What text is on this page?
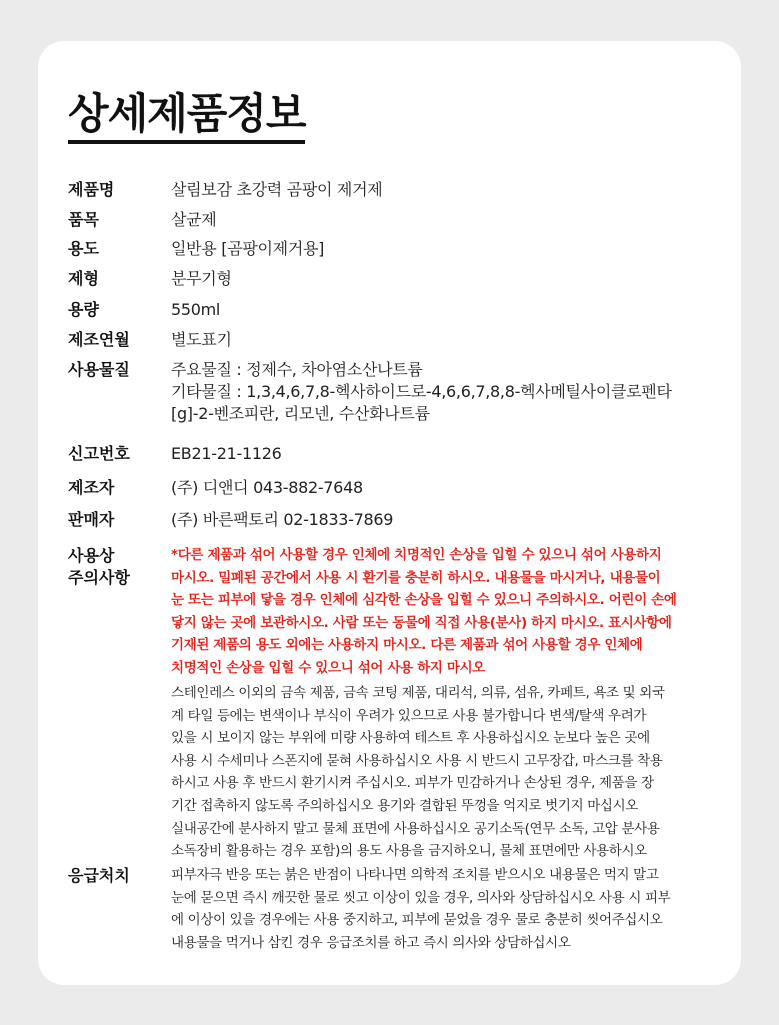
상세제품정보
제품명	살림보감 초강력 곰팡이 제거제
품목	살균제
용도	일반용 [곰팡이제거용]
제형	분무기형
용량	550ml
제조연월	별도표기
사용물질	주요물질 : 정제수, 차아염소산나트륨
기타물질 : 1,3,4,6,7,8-헥사하이드로-4,6,6,7,8,8-헥사메틸사이클로펜타
[g]-2-벤조피란, 리모넨, 수산화나트륨
신고번호	EB21-21-1126
제조자	(주) 디앤디 043-882-7648
판매자	(주) 바른팩토리 02-1833-7869
사용상
주의사항
*다른 제품과 섞어 사용할 경우 인체에 치명적인 손상을 입힐 수 있으니 섞어 사용하지
마시오. 밀폐된 공간에서 사용 시 환기를 충분히 하시오. 내용물을 마시거나, 내용물이
눈 또는 피부에 닿을 경우 인체에 심각한 손상을 입힐 수 있으니 주의하시오. 어린이 손에
닿지 않는 곳에 보관하시오. 사람 또는 동물에 직접 사용(분사) 하지 마시오. 표시사항에
기재된 제품의 용도 외에는 사용하지 마시오. 다른 제품과 섞어 사용할 경우 인체에
치명적인 손상을 입힐 수 있으니 섞어 사용 하지 마시오
스테인레스 이외의 금속 제품, 금속 코팅 제품, 대리석, 의류, 섬유, 카페트, 욕조 및 외국
계 타일 등에는 변색이나 부식이 우려가 있으므로 사용 불가합니다 변색/탈색 우려가
있을 시 보이지 않는 부위에 미량 사용하여 테스트 후 사용하십시오 눈보다 높은 곳에
사용 시 수세미나 스폰지에 묻혀 사용하십시오 사용 시 반드시 고무장갑, 마스크를 착용
하시고 사용 후 반드시 환기시켜 주십시오. 피부가 민감하거나 손상된 경우, 제품을 장
기간 접촉하지 않도록 주의하십시오 용기와 결합된 뚜껑을 억지로 벗기지 마십시오
실내공간에 분사하지 말고 물체 표면에 사용하십시오 공기소독(연무 소독, 고압 분사용
소독장비 활용하는 경우 포함)의 용도 사용을 금지하오니, 물체 표면에만 사용하시오
응급처치	피부자극 반응 또는 붉은 반점이 나타나면 의학적 조치를 받으시오 내용물은 먹지 말고
눈에 묻으면 즉시 깨끗한 물로 씻고 이상이 있을 경우, 의사와 상담하십시오 사용 시 피부
에 이상이 있을 경우에는 사용 중지하고, 피부에 묻었을 경우 물로 충분히 씻어주십시오
내용물을 먹거나 삼킨 경우 응급조치를 하고 즉시 의사와 상담하십시오
